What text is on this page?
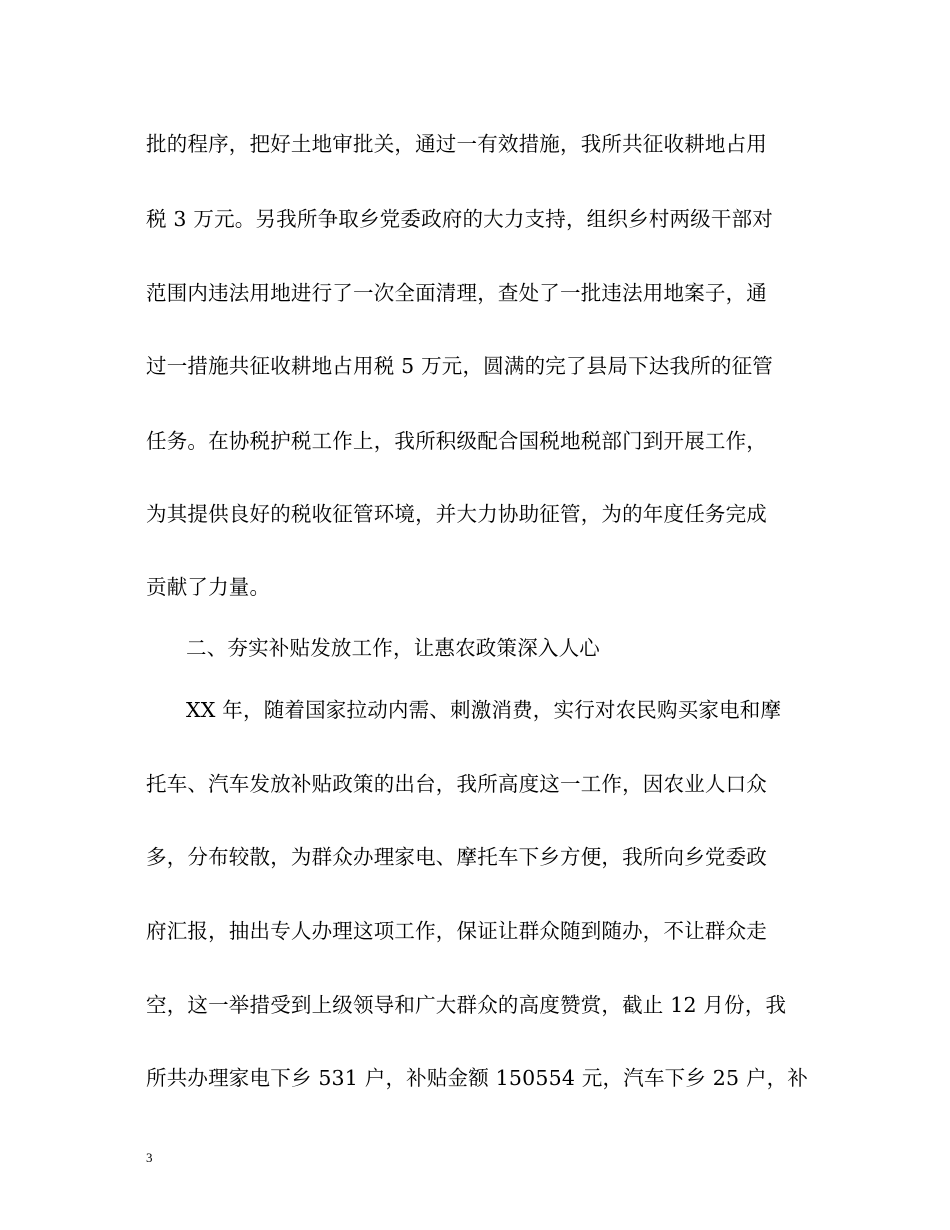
批的程序，把好土地审批关，通过一有效措施，我所共征收耕地占用
税 3 万元。另我所争取乡党委政府的大力支持，组织乡村两级干部对
范围内违法用地进行了一次全面清理，查处了一批违法用地案子，通
过一措施共征收耕地占用税 5 万元，圆满的完了县局下达我所的征管
任务。在协税护税工作上，我所积级配合国税地税部门到开展工作，
为其提供良好的税收征管环境，并大力协助征管，为的年度任务完成
贡献了力量。
二、夯实补贴发放工作，让惠农政策深入人心
XX 年，随着国家拉动内需、刺激消费，实行对农民购买家电和摩
托车、汽车发放补贴政策的出台，我所高度这一工作，因农业人口众
多，分布较散，为群众办理家电、摩托车下乡方便，我所向乡党委政
府汇报，抽出专人办理这项工作，保证让群众随到随办，不让群众走
空，这一举措受到上级领导和广大群众的高度赞赏，截止 12 月份，我
所共办理家电下乡 531 户，补贴金额 150554 元，汽车下乡 25 户，补
3
